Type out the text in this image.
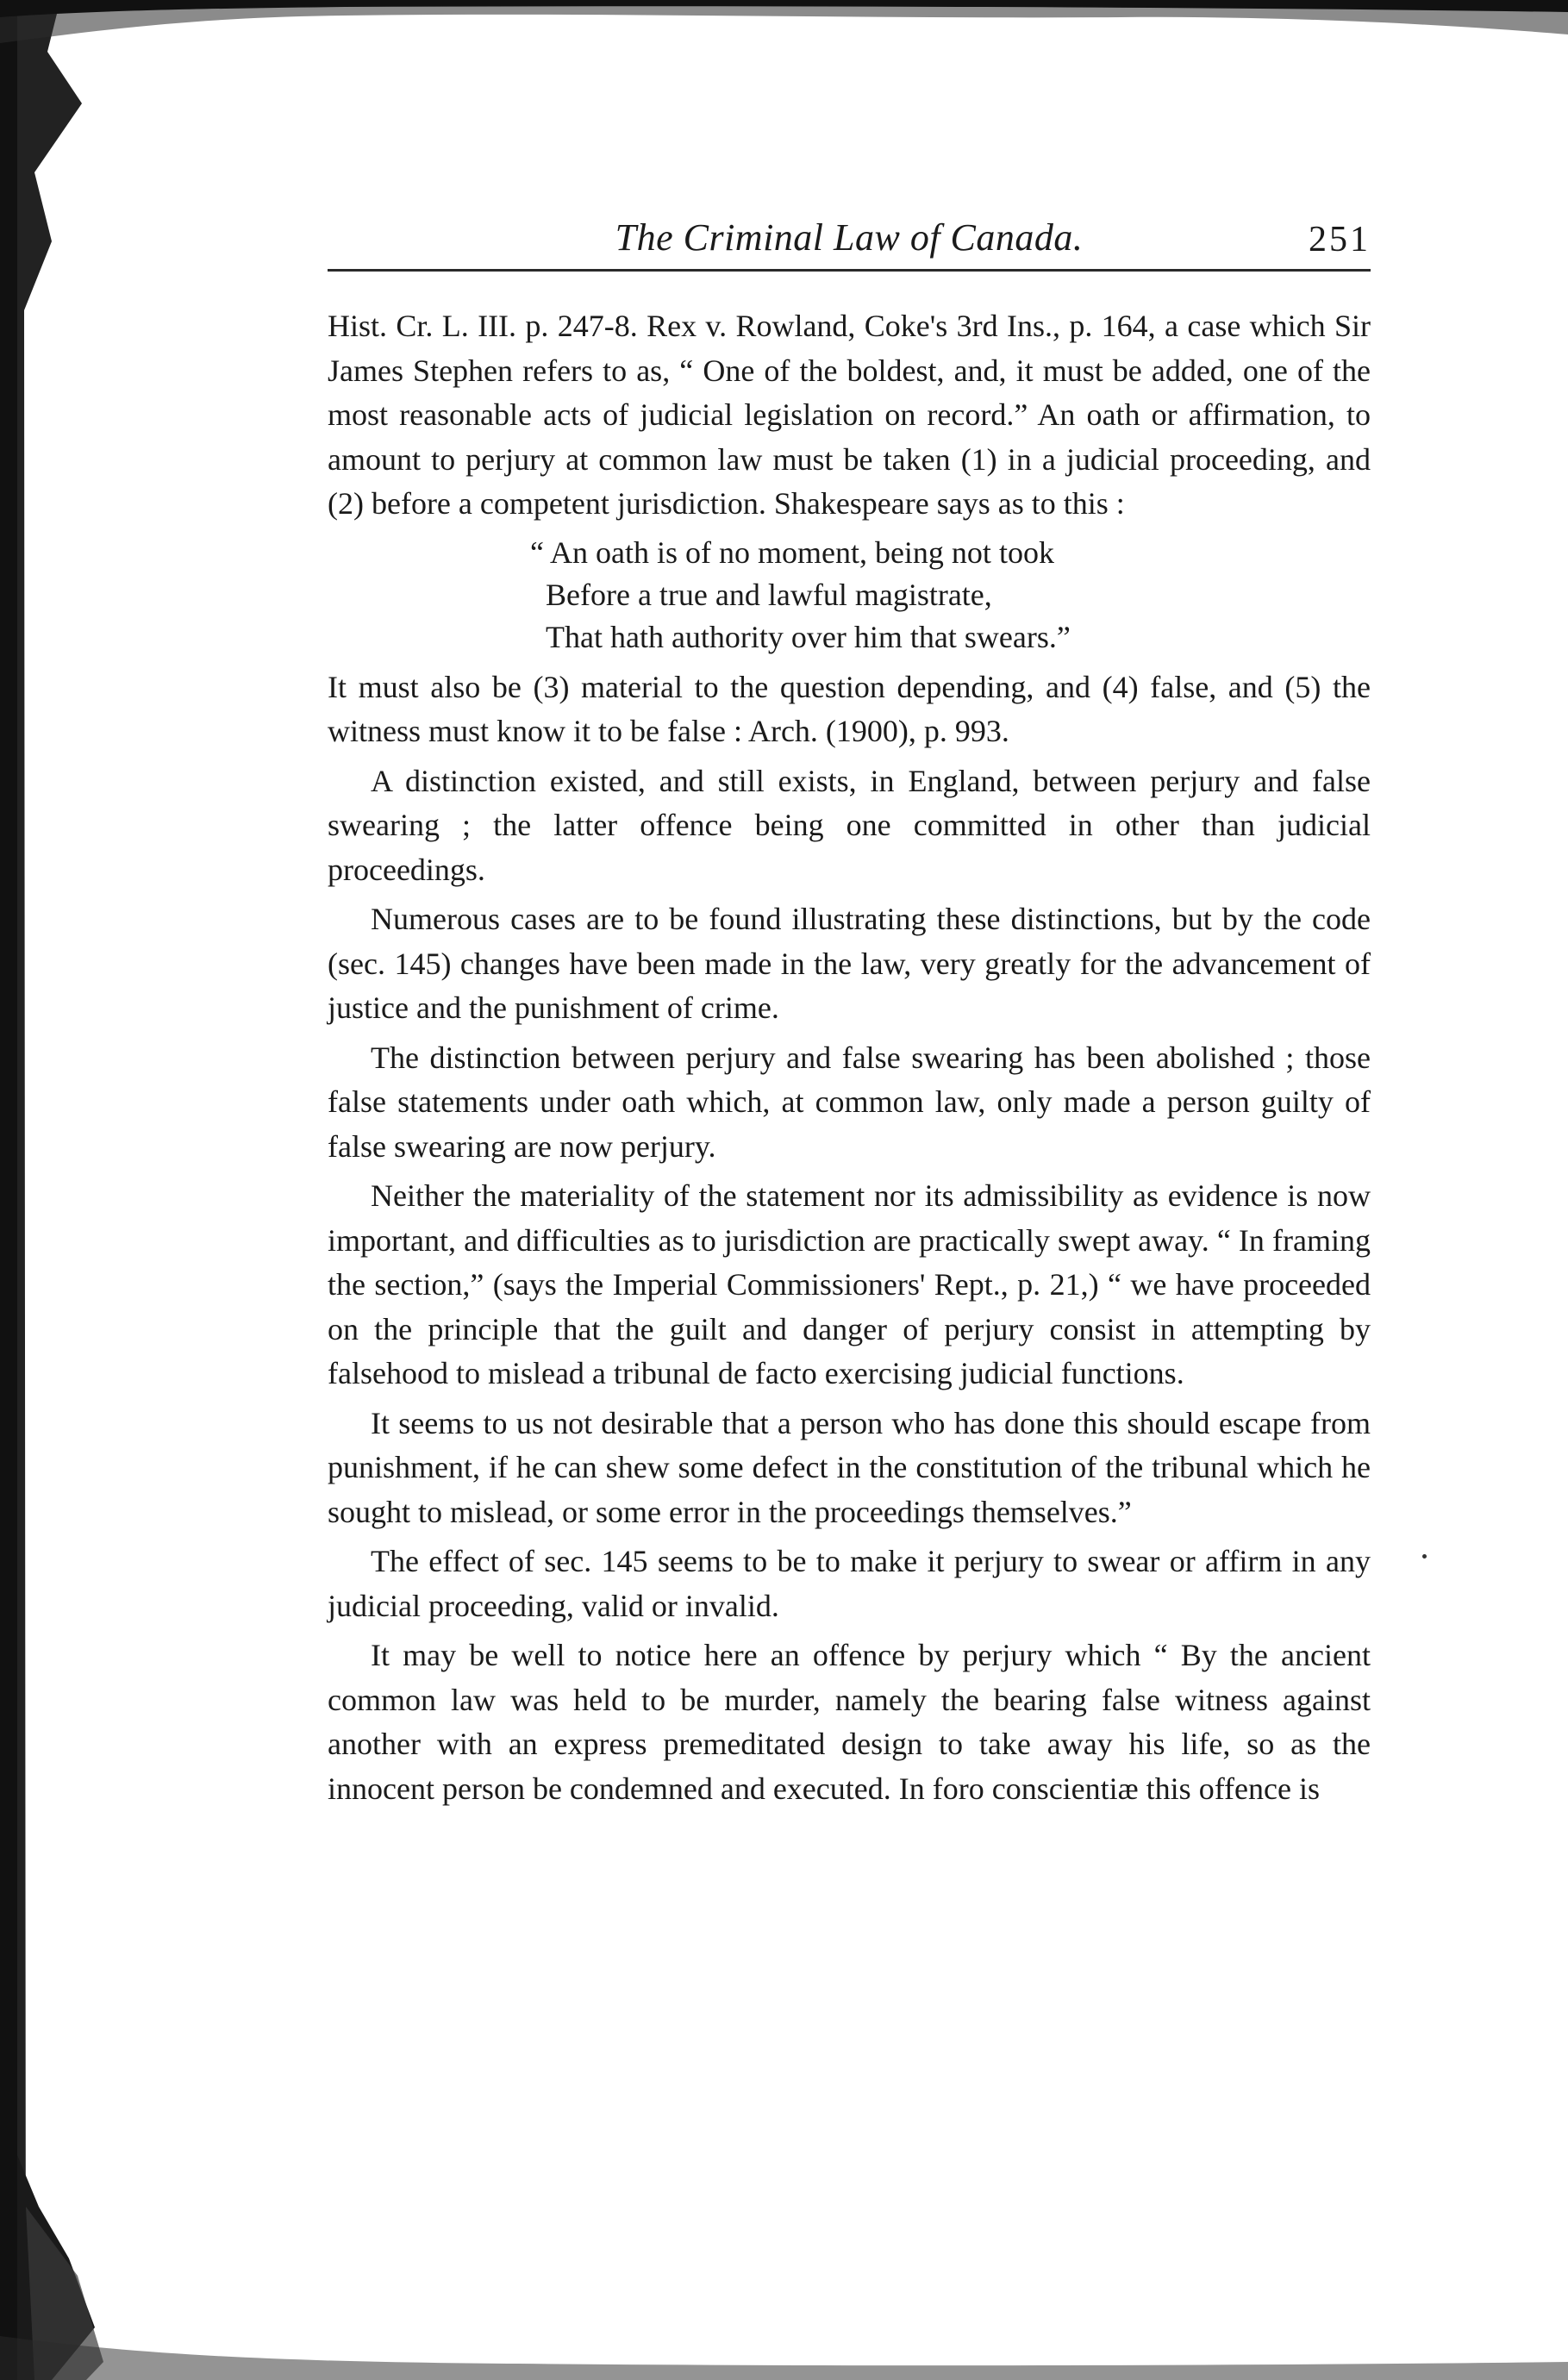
The Criminal Law of Canada.	251

Hist. Cr. L. III. p. 247-8. Rex v. Rowland, Coke's 3rd Ins., p. 164, a case which Sir James Stephen refers to as, “ One of the boldest, and, it must be added, one of the most reasonable acts of judicial legislation on record.” An oath or affirmation, to amount to perjury at common law must be taken (1) in a judicial proceeding, and (2) before a competent jurisdiction. Shakespeare says as to this :

“ An oath is of no moment, being not took
Before a true and lawful magistrate,
That hath authority over him that swears.”

It must also be (3) material to the question depending, and (4) false, and (5) the witness must know it to be false : Arch. (1900), p. 993.

A distinction existed, and still exists, in England, between perjury and false swearing ; the latter offence being one committed in other than judicial proceedings.

Numerous cases are to be found illustrating these distinctions, but by the code (sec. 145) changes have been made in the law, very greatly for the advancement of justice and the punishment of crime.

The distinction between perjury and false swearing has been abolished ; those false statements under oath which, at common law, only made a person guilty of false swearing are now perjury.

Neither the materiality of the statement nor its admissibility as evidence is now important, and difficulties as to jurisdiction are practically swept away. “ In framing the section,” (says the Imperial Commissioners' Rept., p. 21,) “ we have proceeded on the principle that the guilt and danger of perjury consist in attempting by falsehood to mislead a tribunal de facto exercising judicial functions.

It seems to us not desirable that a person who has done this should escape from punishment, if he can shew some defect in the constitution of the tribunal which he sought to mislead, or some error in the proceedings themselves.”

The effect of sec. 145 seems to be to make it perjury to swear or affirm in any judicial proceeding, valid or invalid.

It may be well to notice here an offence by perjury which “ By the ancient common law was held to be murder, namely the bearing false witness against another with an express premeditated design to take away his life, so as the innocent person be condemned and executed. In foro conscientiæ this offence is
